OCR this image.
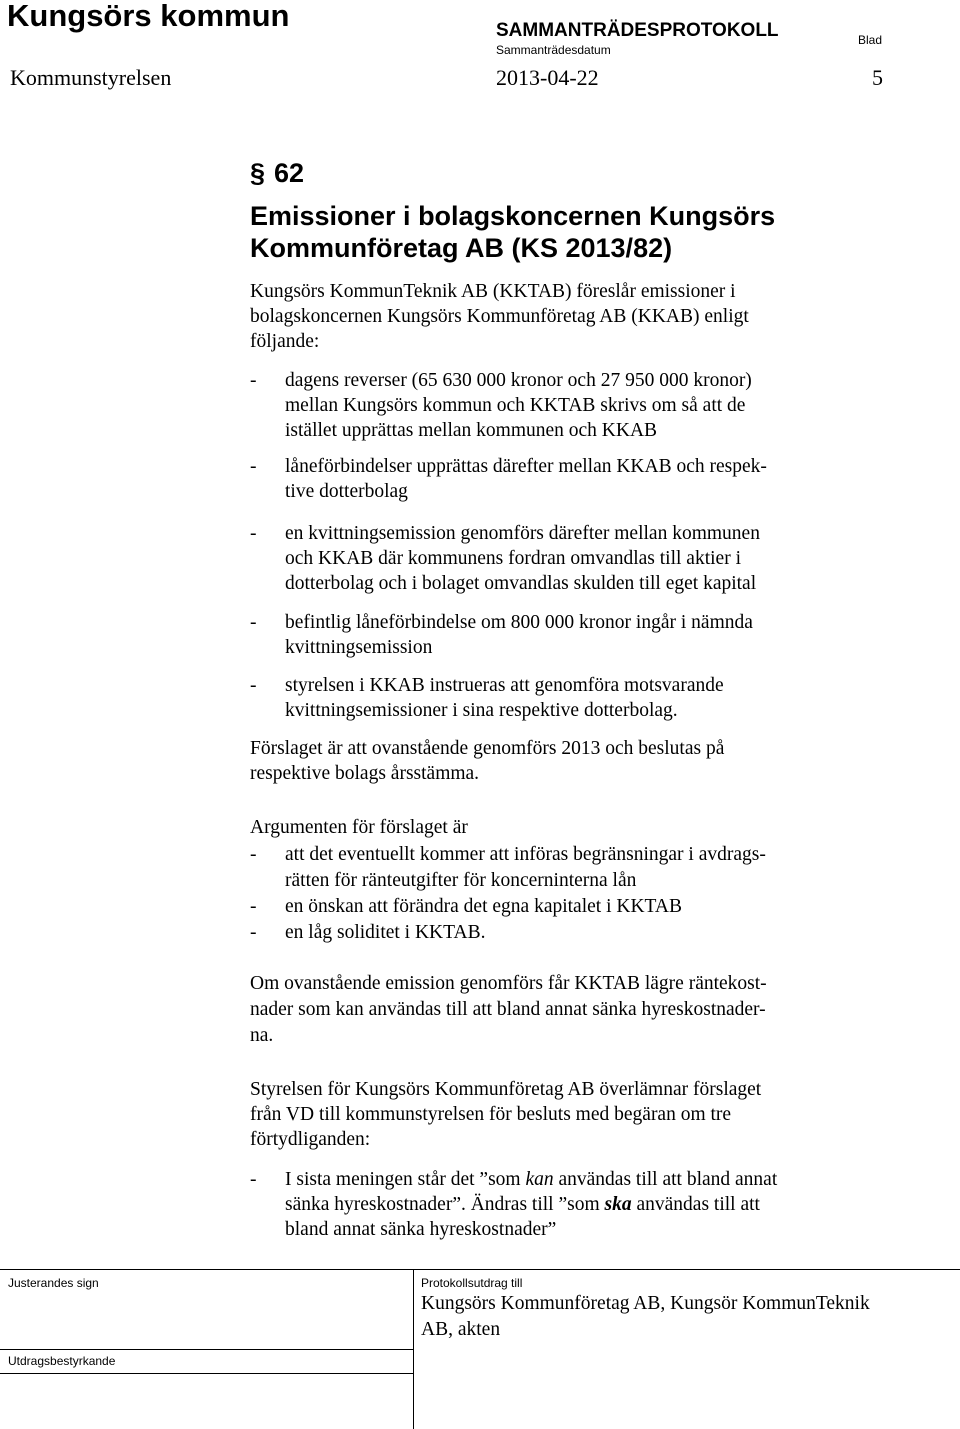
Kungsörs kommun	SAMMANTRÄDESPROTOKOLL
Sammanträdesdatum
Blad
Kommunstyrelsen	2013-04-22	5
§ 62
Emissioner i bolagskoncernen Kungsörs
Kommunföretag AB (KS 2013/82)
Kungsörs KommunTeknik AB (KKTAB) föreslår emissioner i
bolagskoncernen Kungsörs Kommunföretag AB (KKAB) enligt
följande:
- dagens reverser (65 630 000 kronor och 27 950 000 kronor)
mellan Kungsörs kommun och KKTAB skrivs om så att de
istället upprättas mellan kommunen och KKAB
- låneförbindelser upprättas därefter mellan KKAB och respek-
tive dotterbolag
- en kvittningsemission genomförs därefter mellan kommunen
och KKAB där kommunens fordran omvandlas till aktier i
dotterbolag och i bolaget omvandlas skulden till eget kapital
- befintlig låneförbindelse om 800 000 kronor ingår i nämnda
kvittningsemission
- styrelsen i KKAB instrueras att genomföra motsvarande
kvittningsemissioner i sina respektive dotterbolag.
Förslaget är att ovanstående genomförs 2013 och beslutas på
respektive bolags årsstämma.
Argumenten för förslaget är
- att det eventuellt kommer att införas begränsningar i avdrags-
rätten för ränteutgifter för koncerninterna lån
- en önskan att förändra det egna kapitalet i KKTAB
- en låg soliditet i KKTAB.
Om ovanstående emission genomförs får KKTAB lägre räntekost-
nader som kan användas till att bland annat sänka hyreskostnader-
na.
Styrelsen för Kungsörs Kommunföretag AB överlämnar förslaget
från VD till kommunstyrelsen för besluts med begäran om tre
förtydliganden:
- I sista meningen står det ”som kan användas till att bland annat
sänka hyreskostnader”. Ändras till ”som ska användas till att
bland annat sänka hyreskostnader”
Justerandes sign
Utdragsbestyrkande
Protokollsutdrag till
Kungsörs Kommunföretag AB, Kungsör KommunTeknik
AB, akten
